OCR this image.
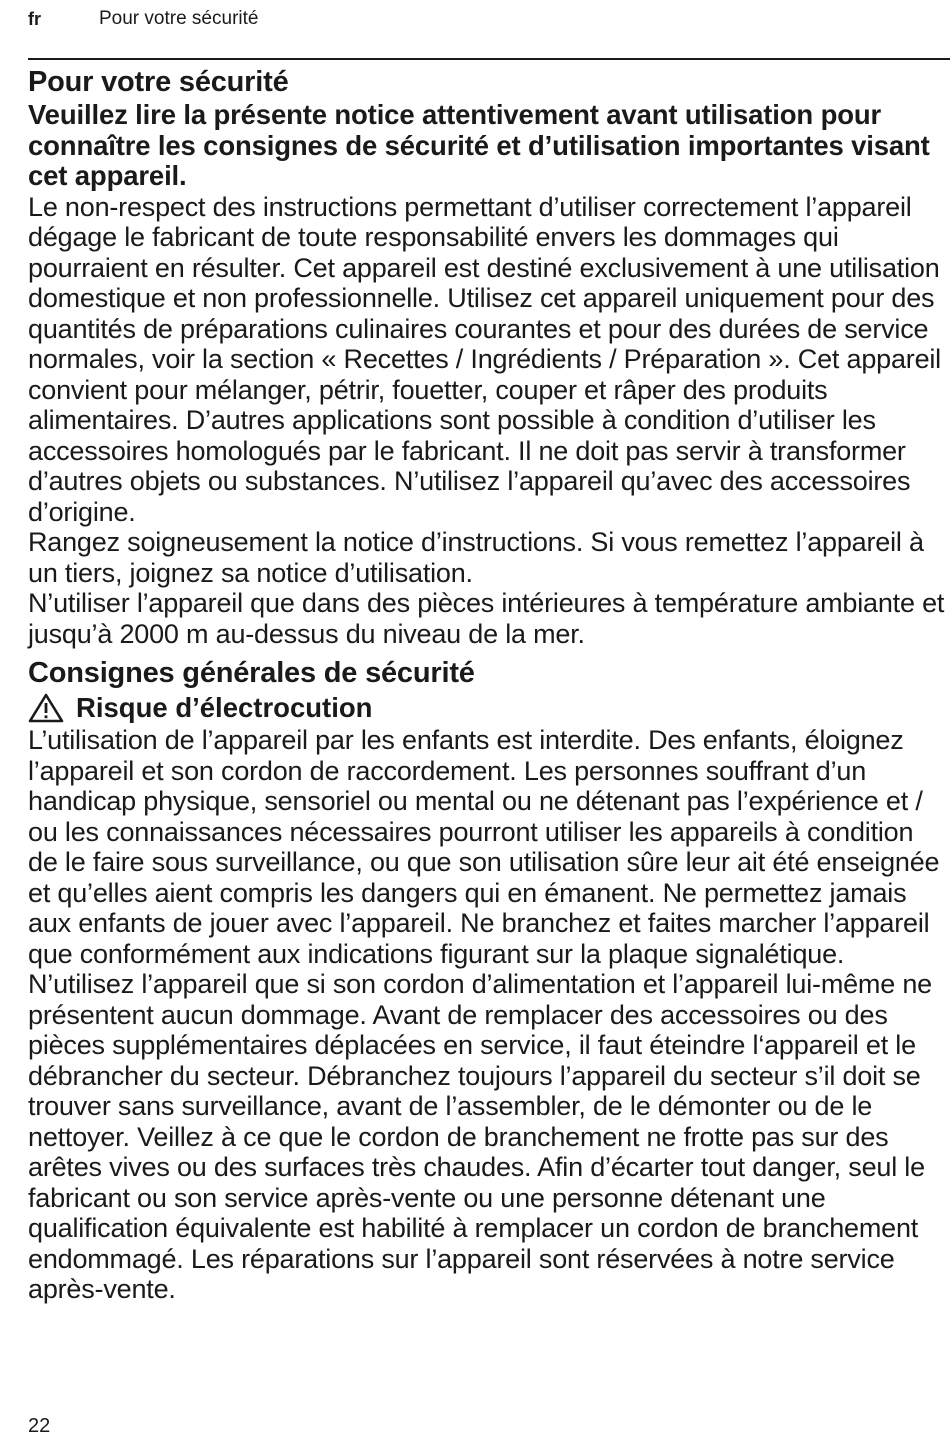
fr	Pour votre sécurité
Pour votre sécurité

Veuillez lire la présente notice attentivement avant utilisation pour connaître les consignes de sécurité et d’utilisation importantes visant cet appareil.

Le non-respect des instructions permettant d’utiliser correctement l’appareil dégage le fabricant de toute responsabilité envers les dommages qui pourraient en résulter. Cet appareil est destiné exclusivement à une utilisation domestique et non professionnelle. Utilisez cet appareil uniquement pour des quantités de préparations culinaires courantes et pour des durées de service normales, voir la section « Recettes / Ingrédients / Préparation ». Cet appareil convient pour mélanger, pétrir, fouetter, couper et râper des produits alimentaires. D’autres applications sont possible à condition d’utiliser les accessoires homologués par le fabricant. Il ne doit pas servir à transformer d’autres objets ou substances. N’utilisez l’appareil qu’avec des accessoires d’origine.

Rangez soigneusement la notice d’instructions. Si vous remettez l’appareil à un tiers, joignez sa notice d’utilisation.

N’utiliser l’appareil que dans des pièces intérieures à température ambiante et jusqu’à 2000 m au-dessus du niveau de la mer.

Consignes générales de sécurité
Risque d’électrocution

L’utilisation de l’appareil par les enfants est interdite. Des enfants, éloignez l’appareil et son cordon de raccordement. Les personnes souffrant d’un handicap physique, sensoriel ou mental ou ne détenant pas l’expérience et / ou les connaissances nécessaires pourront utiliser les appareils à condition de le faire sous surveillance, ou que son utilisation sûre leur ait été enseignée et qu’elles aient compris les dangers qui en émanent. Ne permettez jamais aux enfants de jouer avec l’appareil. Ne branchez et faites marcher l’appareil que conformément aux indications figurant sur la plaque signalétique. N’utilisez l’appareil que si son cordon d’alimentation et l’appareil lui-même ne présentent aucun dommage. Avant de remplacer des accessoires ou des pièces supplémentaires déplacées en service, il faut éteindre l‘appareil et le débrancher du secteur. Débranchez toujours l’appareil du secteur s’il doit se trouver sans surveillance, avant de l’assembler, de le démonter ou de le nettoyer. Veillez à ce que le cordon de branchement ne frotte pas sur des arêtes vives ou des surfaces très chaudes. Afin d’écarter tout danger, seul le fabricant ou son service après-vente ou une personne détenant une qualification équivalente est habilité à remplacer un cordon de branchement endommagé. Les réparations sur l’appareil sont réservées à notre service après-vente.

22
